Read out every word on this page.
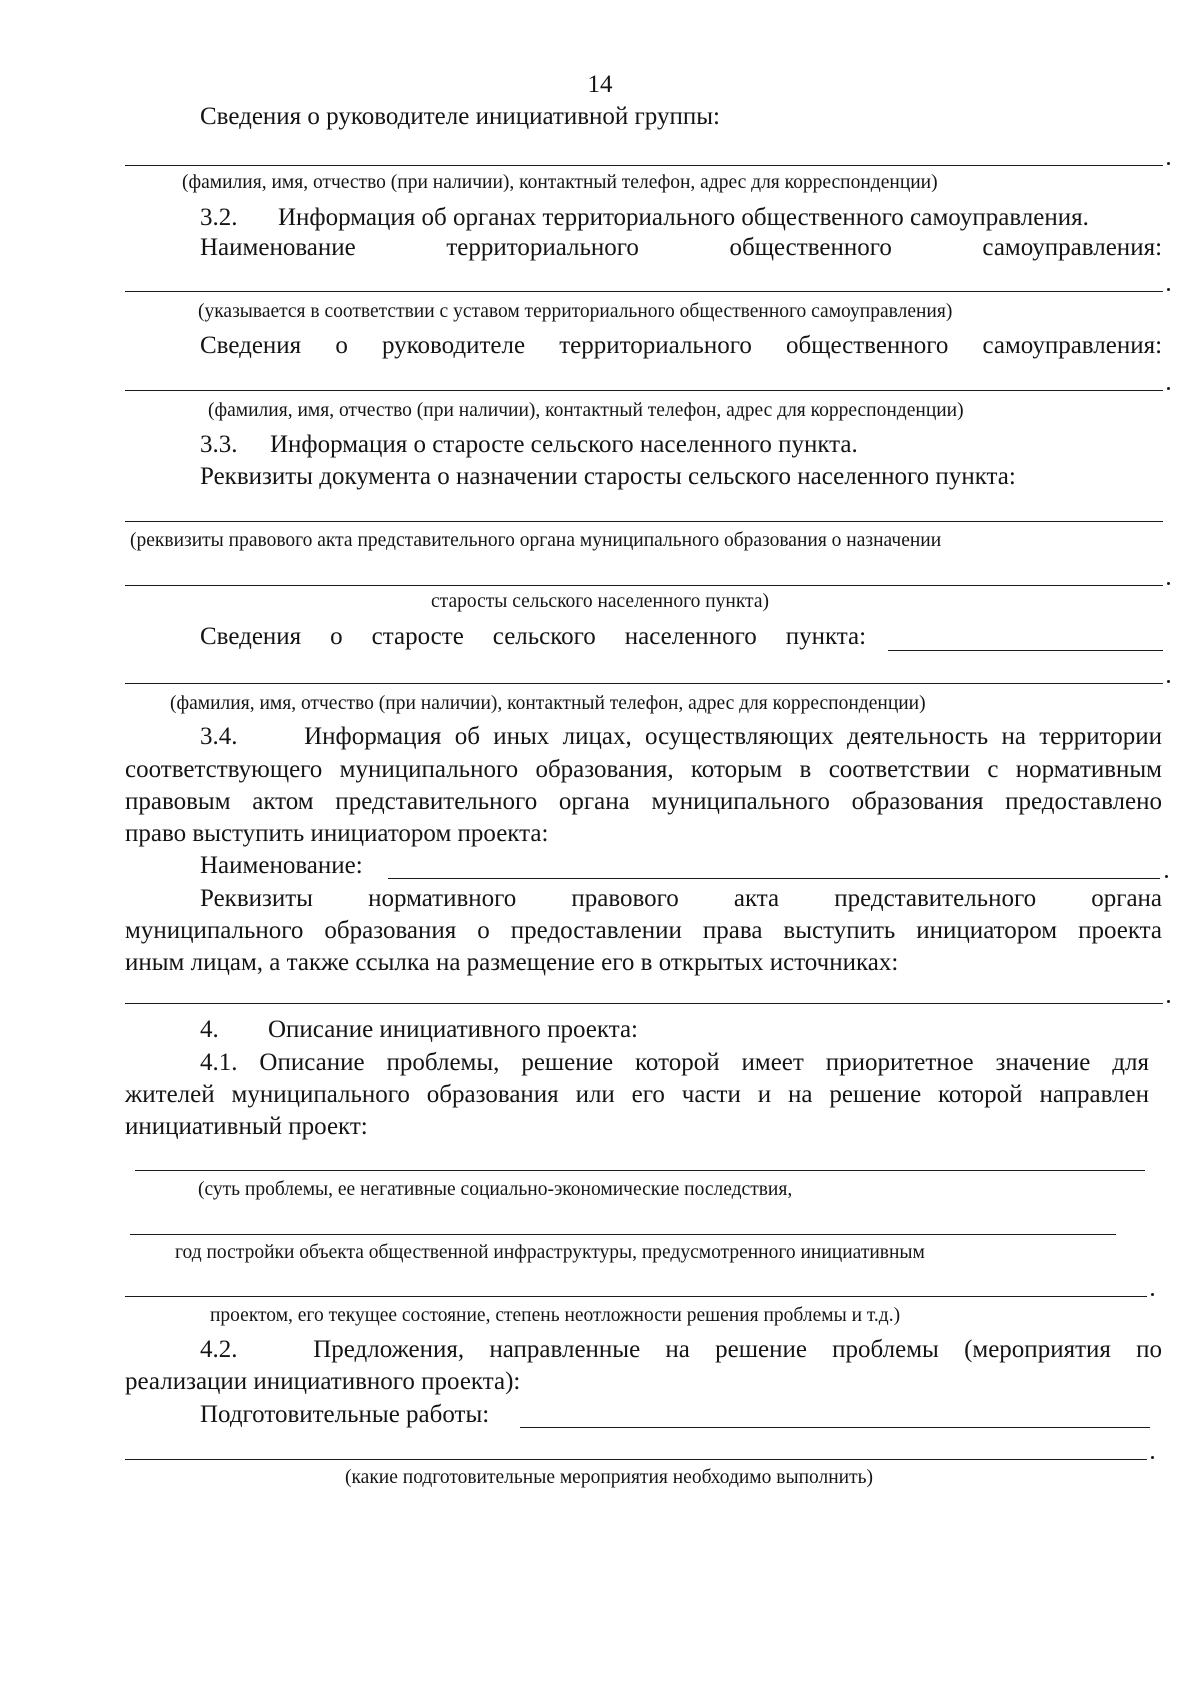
14
Сведения о руководителе инициативной группы:
(фамилия, имя, отчество (при наличии), контактный телефон, адрес для корреспонденции)
3.2. Информация об органах территориального общественного самоуправления.
Наименование	территориального	общественного	самоуправления:
(указывается в соответствии с уставом территориального общественного самоуправления)
Сведения о руководителе территориального общественного самоуправления:
(фамилия, имя, отчество (при наличии), контактный телефон, адрес для корреспонденции)
3.3. Информация о старосте сельского населенного пункта.
Реквизиты документа о назначении старосты сельского населенного пункта:
(реквизиты правового акта представительного органа муниципального образования о назначении
старосты сельского населенного пункта)
Сведения о старосте сельского населенного пункта:
(фамилия, имя, отчество (при наличии), контактный телефон, адрес для корреспонденции)
3.4.	Информация об иных лицах, осуществляющих деятельность на территории
соответствующего муниципального образования, которым в соответствии с нормативным
правовым актом представительного органа муниципального образования предоставлено
право выступить инициатором проекта:
Наименование:
Реквизиты нормативного правового акта представительного органа
муниципального образования о предоставлении права выступить инициатором проекта
иным лицам, а также ссылка на размещение его в открытых источниках:
4. Описание инициативного проекта:
4.1. Описание проблемы, решение которой имеет приоритетное значение для
жителей муниципального образования или его части и на решение которой направлен
инициативный проект:
(суть проблемы, ее негативные социально-экономические последствия,
год постройки объекта общественной инфраструктуры, предусмотренного инициативным
проектом, его текущее состояние, степень неотложности решения проблемы и т.д.)
4.2.	Предложения, направленные на решение проблемы (мероприятия по
реализации инициативного проекта):
Подготовительные работы:
(какие подготовительные мероприятия необходимо выполнить)
